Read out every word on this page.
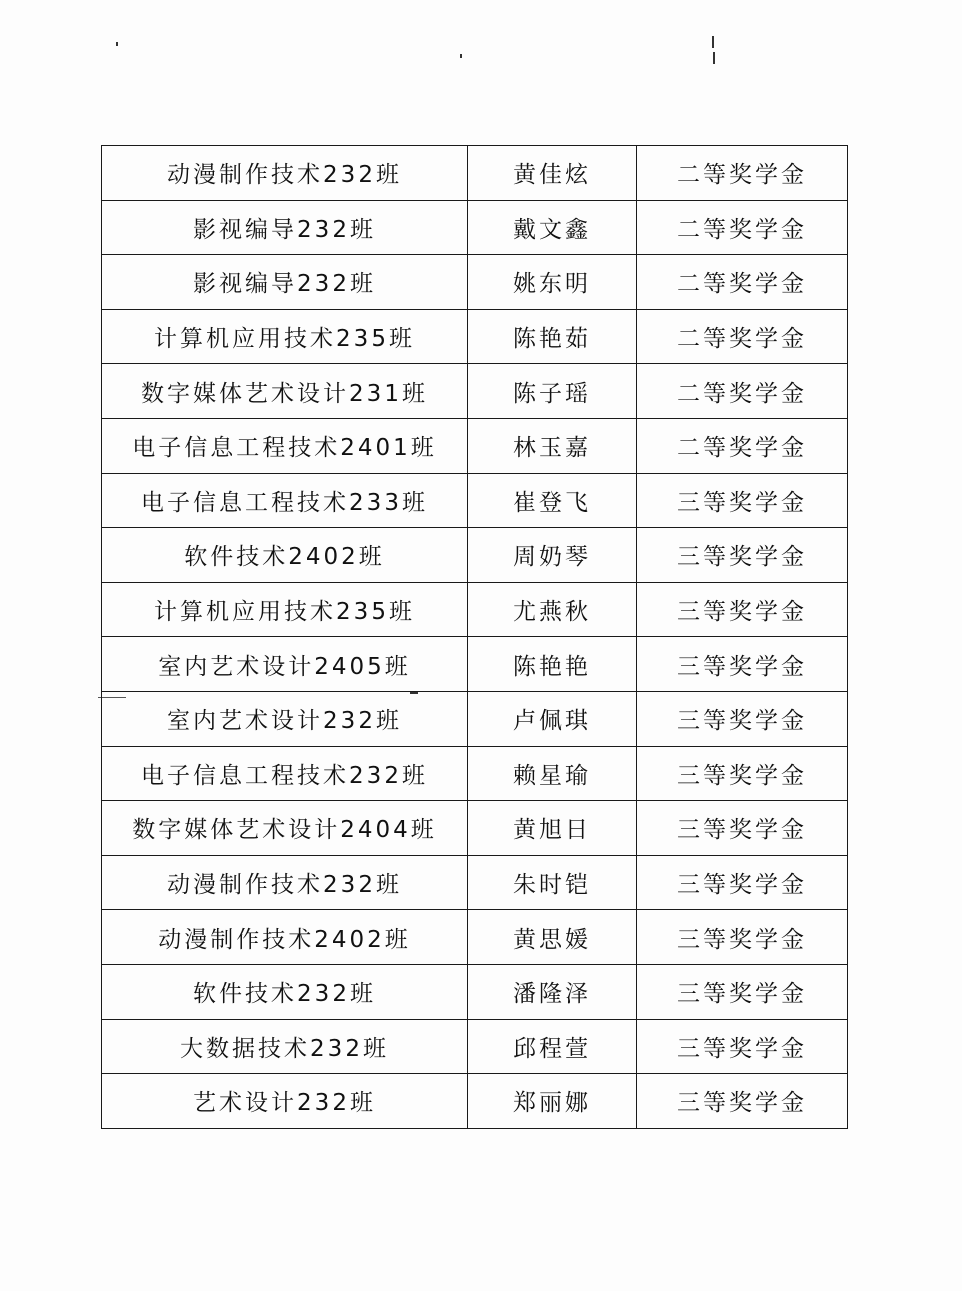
动漫制作技术232班	黄佳炫	二等奖学金
影视编导232班	戴文鑫	二等奖学金
影视编导232班	姚东明	二等奖学金
计算机应用技术235班	陈艳茹	二等奖学金
数字媒体艺术设计231班	陈子瑶	二等奖学金
电子信息工程技术2401班	林玉嘉	二等奖学金
电子信息工程技术233班	崔登飞	三等奖学金
软件技术2402班	周奶琴	三等奖学金
计算机应用技术235班	尤燕秋	三等奖学金
室内艺术设计2405班	陈艳艳	三等奖学金
室内艺术设计232班	卢佩琪	三等奖学金
电子信息工程技术232班	赖星瑜	三等奖学金
数字媒体艺术设计2404班	黄旭日	三等奖学金
动漫制作技术232班	朱时铠	三等奖学金
动漫制作技术2402班	黄思媛	三等奖学金
软件技术232班	潘隆泽	三等奖学金
大数据技术232班	邱程萱	三等奖学金
艺术设计232班	郑丽娜	三等奖学金
